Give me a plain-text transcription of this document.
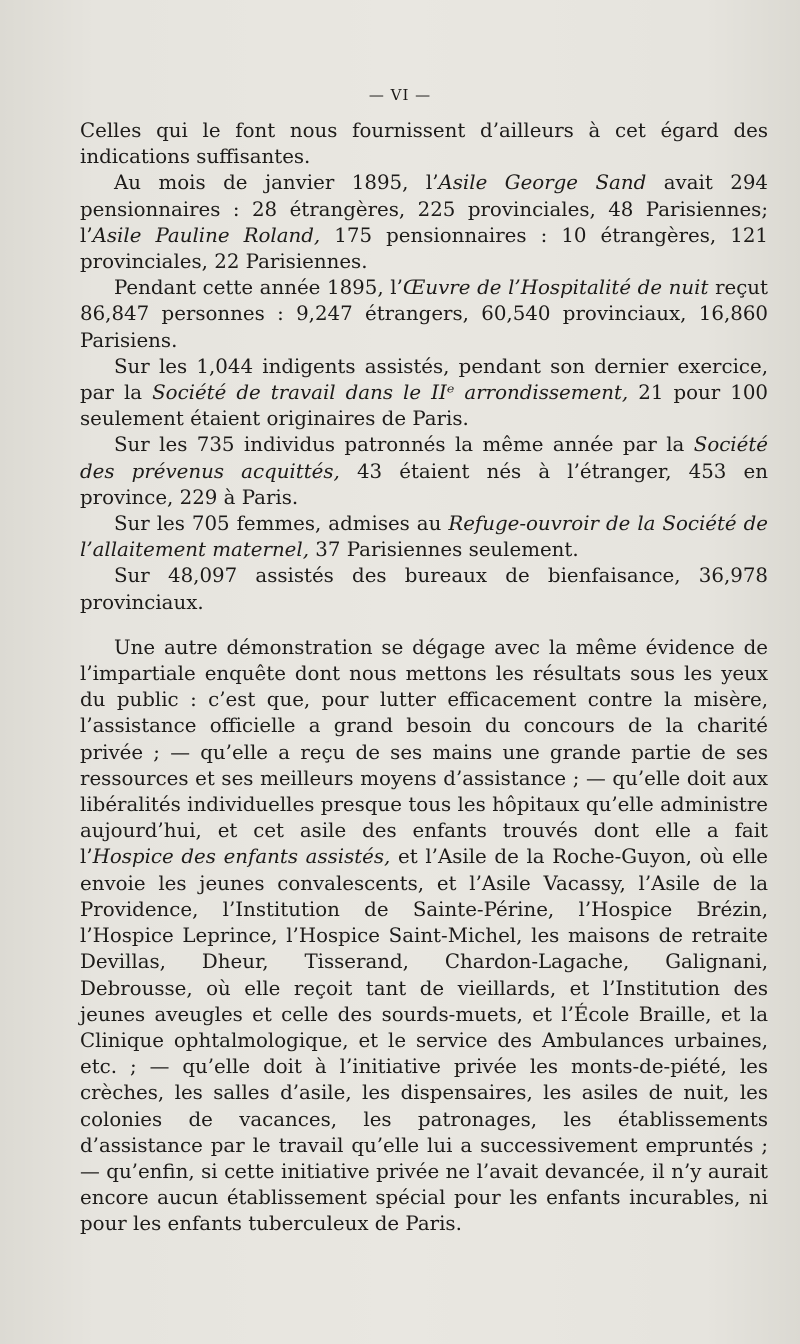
— VI —

Celles qui le font nous fournissent d’ailleurs à cet égard des indications suffisantes.

Au mois de janvier 1895, l’Asile George Sand avait 294 pensionnaires : 28 étrangères, 225 provinciales, 48 Parisiennes; l’Asile Pauline Roland, 175 pensionnaires : 10 étrangères, 121 provinciales, 22 Parisiennes.

Pendant cette année 1895, l’Œuvre de l’Hospitalité de nuit reçut 86,847 personnes : 9,247 étrangers, 60,540 provinciaux, 16,860 Parisiens.

Sur les 1,044 indigents assistés, pendant son dernier exercice, par la Société de travail dans le IIᵉ arrondissement, 21 pour 100 seulement étaient originaires de Paris.

Sur les 735 individus patronnés la même année par la Société des prévenus acquittés, 43 étaient nés à l’étranger, 453 en province, 229 à Paris.

Sur les 705 femmes, admises au Refuge-ouvroir de la Société de l’allaitement maternel, 37 Parisiennes seulement.

Sur 48,097 assistés des bureaux de bienfaisance, 36,978 provinciaux.

Une autre démonstration se dégage avec la même évidence de l’impartiale enquête dont nous mettons les résultats sous les yeux du public : c’est que, pour lutter efficacement contre la misère, l’assistance officielle a grand besoin du concours de la charité privée ; — qu’elle a reçu de ses mains une grande partie de ses ressources et ses meilleurs moyens d’assistance ; — qu’elle doit aux libéralités individuelles presque tous les hôpitaux qu’elle administre aujourd’hui, et cet asile des enfants trouvés dont elle a fait l’Hospice des enfants assistés, et l’Asile de la Roche-Guyon, où elle envoie les jeunes convalescents, et l’Asile Vacassy, l’Asile de la Providence, l’Institution de Sainte-Périne, l’Hospice Brézin, l’Hospice Leprince, l’Hospice Saint-Michel, les maisons de retraite Devillas, Dheur, Tisserand, Chardon-Lagache, Galignani, Debrousse, où elle reçoit tant de vieillards, et l’Institution des jeunes aveugles et celle des sourds-muets, et l’École Braille, et la Clinique ophtalmologique, et le service des Ambulances urbaines, etc. ; — qu’elle doit à l’initiative privée les monts-de-piété, les crèches, les salles d’asile, les dispensaires, les asiles de nuit, les colonies de vacances, les patronages, les établissements d’assistance par le travail qu’elle lui a successivement empruntés ; — qu’enfin, si cette initiative privée ne l’avait devancée, il n’y aurait encore aucun établissement spécial pour les enfants incurables, ni pour les enfants tuberculeux de Paris.
